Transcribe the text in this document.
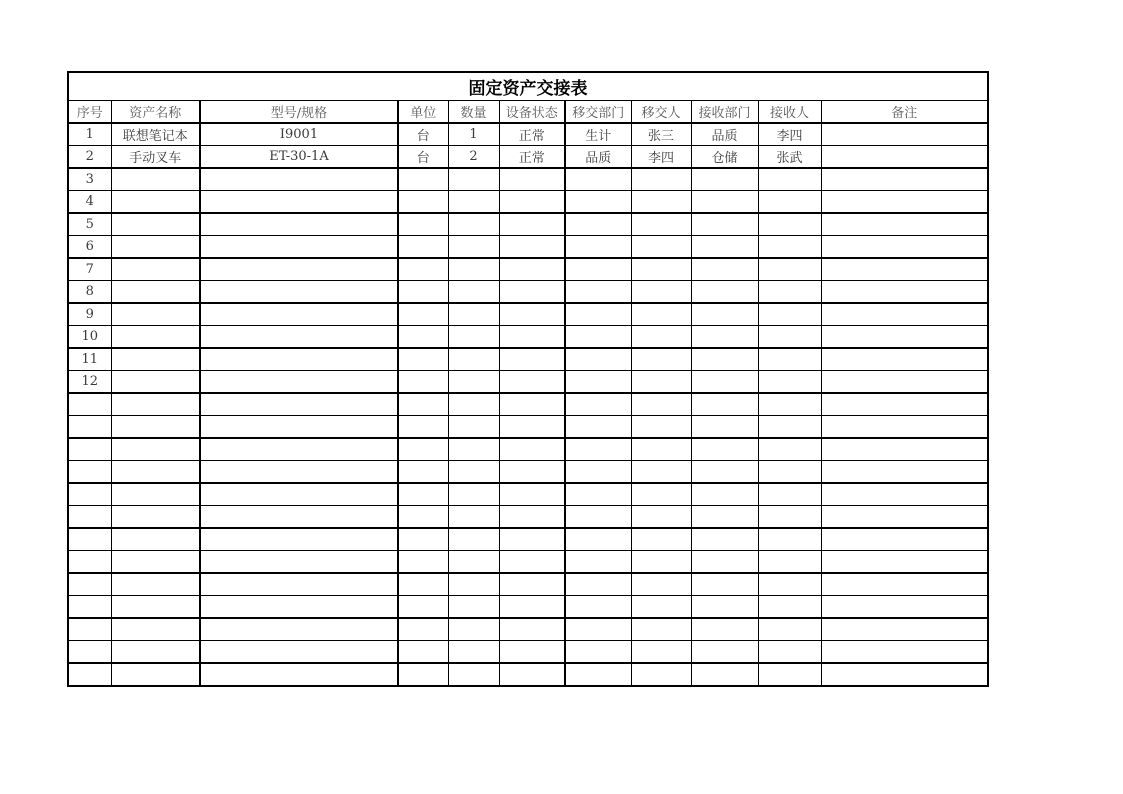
固定资产交接表										
序号	资产名称	型号/规格	单位	数量	设备状态	移交部门	移交人	接收部门	接收人	备注
1	联想笔记本	I9001	台	1	正常	生计	张三	品质	李四	
2	手动叉车	ET-30-1A	台	2	正常	品质	李四	仓储	张武	
3										
4										
5										
6										
7										
8										
9										
10										
11										
12										
